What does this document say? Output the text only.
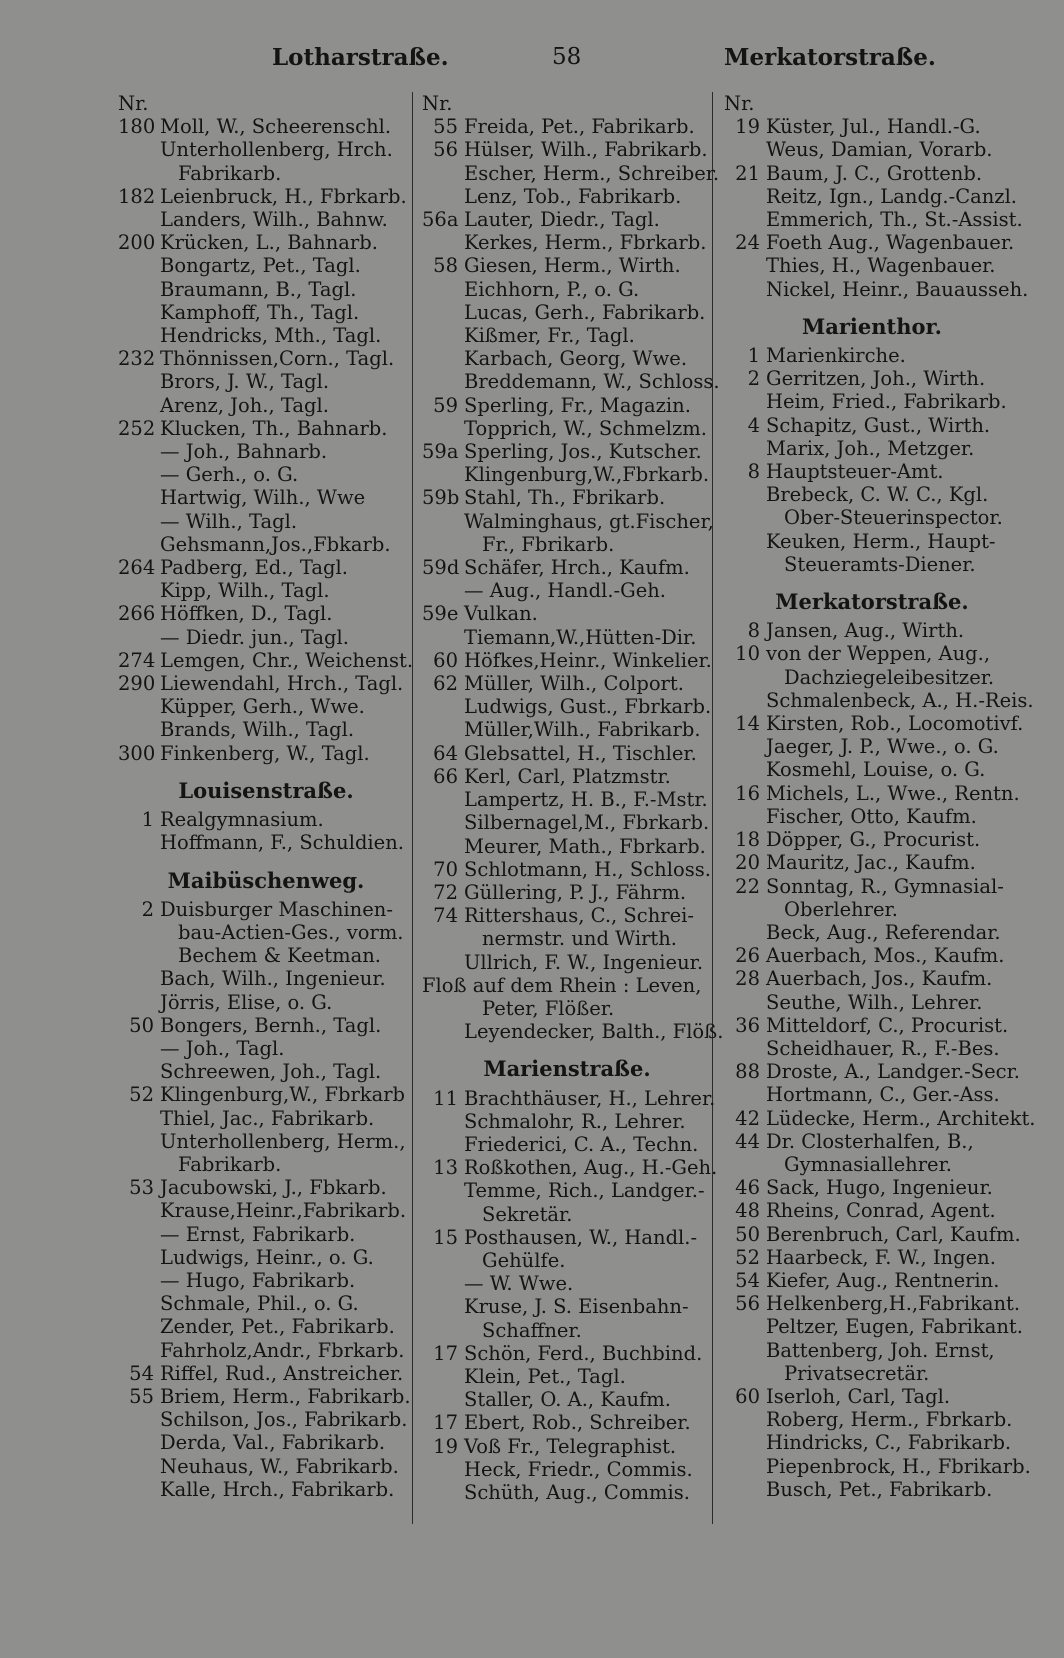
Lotharstraße.	58	Merkatorstraße.
Nr.
180 Moll, W., Scheerenschl.
Unterhollenberg, Hrch.
Fabrikarb.
182 Leienbruck, H., Fbrkarb.
Landers, Wilh., Bahnw.
200 Krücken, L., Bahnarb.
Bongartz, Pet., Tagl.
Braumann, B., Tagl.
Kamphoff, Th., Tagl.
Hendricks, Mth., Tagl.
232 Thönnissen,Corn., Tagl.
Brors, J. W., Tagl.
Arenz, Joh., Tagl.
252 Klucken, Th., Bahnarb.
— Joh., Bahnarb.
— Gerh., o. G.
Hartwig, Wilh., Wwe
— Wilh., Tagl.
Gehsmann,Jos.,Fbkarb.
264 Padberg, Ed., Tagl.
Kipp, Wilh., Tagl.
266 Höffken, D., Tagl.
— Diedr. jun., Tagl.
274 Lemgen, Chr., Weichenst.
290 Liewendahl, Hrch., Tagl.
Küpper, Gerh., Wwe.
Brands, Wilh., Tagl.
300 Finkenberg, W., Tagl.
Louisenstraße.
1 Realgymnasium.
Hoffmann, F., Schuldien.
Maibüschenweg.
2 Duisburger Maschinen-
bau-Actien-Ges., vorm.
Bechem & Keetman.
Bach, Wilh., Ingenieur.
Jörris, Elise, o. G.
50 Bongers, Bernh., Tagl.
— Joh., Tagl.
Schreewen, Joh., Tagl.
52 Klingenburg,W., Fbrkarb
Thiel, Jac., Fabrikarb.
Unterhollenberg, Herm.,
Fabrikarb.
53 Jacubowski, J., Fbkarb.
Krause,Heinr.,Fabrikarb.
— Ernst, Fabrikarb.
Ludwigs, Heinr., o. G.
— Hugo, Fabrikarb.
Schmale, Phil., o. G.
Zender, Pet., Fabrikarb.
Fahrholz,Andr., Fbrkarb.
54 Riffel, Rud., Anstreicher.
55 Briem, Herm., Fabrikarb.
Schilson, Jos., Fabrikarb.
Derda, Val., Fabrikarb.
Neuhaus, W., Fabrikarb.
Kalle, Hrch., Fabrikarb.
Nr.
55 Freida, Pet., Fabrikarb.
56 Hülser, Wilh., Fabrikarb.
Escher, Herm., Schreiber.
Lenz, Tob., Fabrikarb.
56a Lauter, Diedr., Tagl.
Kerkes, Herm., Fbrkarb.
58 Giesen, Herm., Wirth.
Eichhorn, P., o. G.
Lucas, Gerh., Fabrikarb.
Kißmer, Fr., Tagl.
Karbach, Georg, Wwe.
Breddemann, W., Schloss.
59 Sperling, Fr., Magazin.
Topprich, W., Schmelzm.
59a Sperling, Jos., Kutscher.
Klingenburg,W.,Fbrkarb.
59b Stahl, Th., Fbrikarb.
Walminghaus, gt.Fischer,
Fr., Fbrikarb.
59d Schäfer, Hrch., Kaufm.
— Aug., Handl.-Geh.
59e Vulkan.
Tiemann,W.,Hütten-Dir.
60 Höfkes,Heinr., Winkelier.
62 Müller, Wilh., Colport.
Ludwigs, Gust., Fbrkarb.
Müller,Wilh., Fabrikarb.
64 Glebsattel, H., Tischler.
66 Kerl, Carl, Platzmstr.
Lampertz, H. B., F.-Mstr.
Silbernagel,M., Fbrkarb.
Meurer, Math., Fbrkarb.
70 Schlotmann, H., Schloss.
72 Güllering, P. J., Fährm.
74 Rittershaus, C., Schrei-
nermstr. und Wirth.
Ullrich, F. W., Ingenieur.
Floß auf dem Rhein : Leven,
Peter, Flößer.
Leyendecker, Balth., Flöß.
Marienstraße.
11 Brachthäuser, H., Lehrer.
Schmalohr, R., Lehrer.
Friederici, C. A., Techn.
13 Roßkothen, Aug., H.-Geh.
Temme, Rich., Landger.-
Sekretär.
15 Posthausen, W., Handl.-
Gehülfe.
— W. Wwe.
Kruse, J. S. Eisenbahn-
Schaffner.
17 Schön, Ferd., Buchbind.
Klein, Pet., Tagl.
Staller, O. A., Kaufm.
17 Ebert, Rob., Schreiber.
19 Voß Fr., Telegraphist.
Heck, Friedr., Commis.
Schüth, Aug., Commis.
Nr.
19 Küster, Jul., Handl.-G.
Weus, Damian, Vorarb.
21 Baum, J. C., Grottenb.
Reitz, Ign., Landg.-Canzl.
Emmerich, Th., St.-Assist.
24 Foeth Aug., Wagenbauer.
Thies, H., Wagenbauer.
Nickel, Heinr., Bauausseh.
Marienthor.
1 Marienkirche.
2 Gerritzen, Joh., Wirth.
Heim, Fried., Fabrikarb.
4 Schapitz, Gust., Wirth.
Marix, Joh., Metzger.
8 Hauptsteuer-Amt.
Brebeck, C. W. C., Kgl.
Ober-Steuerinspector.
Keuken, Herm., Haupt-
Steueramts-Diener.
Merkatorstraße.
8 Jansen, Aug., Wirth.
10 von der Weppen, Aug.,
Dachziegeleibesitzer.
Schmalenbeck, A., H.-Reis.
14 Kirsten, Rob., Locomotivf.
Jaeger, J. P., Wwe., o. G.
Kosmehl, Louise, o. G.
16 Michels, L., Wwe., Rentn.
Fischer, Otto, Kaufm.
18 Döpper, G., Procurist.
20 Mauritz, Jac., Kaufm.
22 Sonntag, R., Gymnasial-
Oberlehrer.
Beck, Aug., Referendar.
26 Auerbach, Mos., Kaufm.
28 Auerbach, Jos., Kaufm.
Seuthe, Wilh., Lehrer.
36 Mitteldorf, C., Procurist.
Scheidhauer, R., F.-Bes.
88 Droste, A., Landger.-Secr.
Hortmann, C., Ger.-Ass.
42 Lüdecke, Herm., Architekt.
44 Dr. Closterhalfen, B.,
Gymnasiallehrer.
46 Sack, Hugo, Ingenieur.
48 Rheins, Conrad, Agent.
50 Berenbruch, Carl, Kaufm.
52 Haarbeck, F. W., Ingen.
54 Kiefer, Aug., Rentnerin.
56 Helkenberg,H.,Fabrikant.
Peltzer, Eugen, Fabrikant.
Battenberg, Joh. Ernst,
Privatsecretär.
60 Iserloh, Carl, Tagl.
Roberg, Herm., Fbrkarb.
Hindricks, C., Fabrikarb.
Piepenbrock, H., Fbrikarb.
Busch, Pet., Fabrikarb.
